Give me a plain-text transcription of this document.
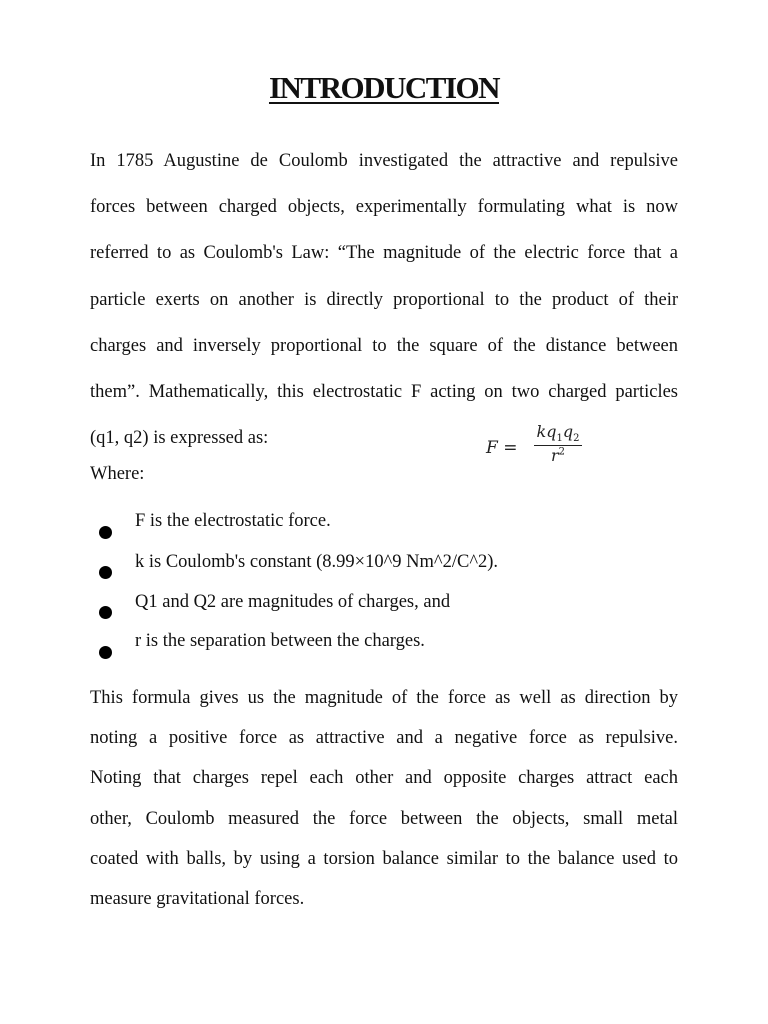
INTRODUCTION
In 1785 Augustine de Coulomb investigated the attractive and repulsive
forces between charged objects, experimentally formulating what is now
referred to as Coulomb's Law: “The magnitude of the electric force that a
particle exerts on another is directly proportional to the product of their
charges and inversely proportional to the square of the distance between
them”. Mathematically, this electrostatic F acting on two charged particles
(q1, q2) is expressed as:	$F = \frac{kq_1q_2}{r^2}$

Where:

F is the electrostatic force.
k is Coulomb's constant (8.99×10^9 Nm^2/C^2).
Q1 and Q2 are magnitudes of charges, and
r is the separation between the charges.
This formula gives us the magnitude of the force as well as direction by
noting a positive force as attractive and a negative force as repulsive.
Noting that charges repel each other and opposite charges attract each
other, Coulomb measured the force between the objects, small metal
coated with balls, by using a torsion balance similar to the balance used to
measure gravitational forces.
